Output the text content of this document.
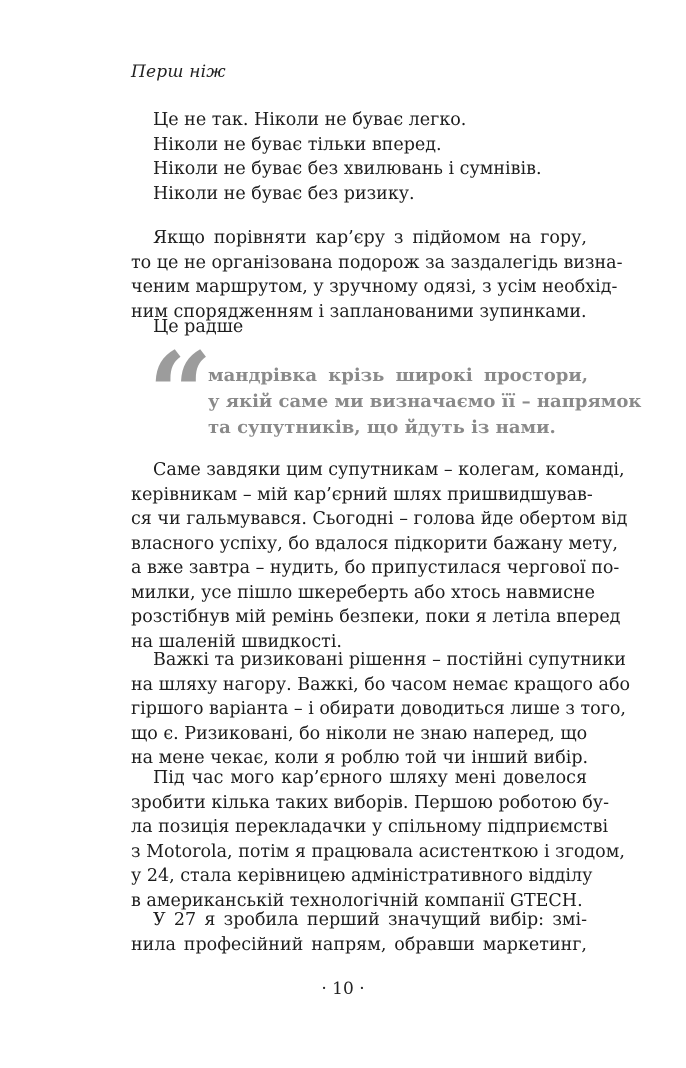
Перш ніж
Це не так. Ніколи не буває легко.
Ніколи не буває тільки вперед.
Ніколи не буває без хвилювань і сумнівів.
Ніколи не буває без ризику.
Якщо порівняти кар’єру з підйомом на гору,
то це не організована подорож за заздалегідь визна-
ченим маршрутом, у зручному одязі, з усім необхід-
ним спорядженням і запланованими зупинками.
Це радше
“
мандрівка крізь широкі простори,
у якій саме ми визначаємо її – напрямок
та супутників, що йдуть із нами.
Саме завдяки цим супутникам – колегам, команді,
керівникам – мій кар’єрний шлях пришвидшував-
ся чи гальмувався. Сьогодні – голова йде обертом від
власного успіху, бо вдалося підкорити бажану мету,
а вже завтра – нудить, бо припустилася чергової по-
милки, усе пішло шкереберть або хтось навмисне
розстібнув мій ремінь безпеки, поки я летіла вперед
на шаленій швидкості.
Важкі та ризиковані рішення – постійні супутники
на шляху нагору. Важкі, бо часом немає кращого або
гіршого варіанта – і обирати доводиться лише з того,
що є. Ризиковані, бо ніколи не знаю наперед, що
на мене чекає, коли я роблю той чи інший вибір.
Під час мого кар’єрного шляху мені довелося
зробити кілька таких виборів. Першою роботою бу-
ла позиція перекладачки у спільному підприємстві
з Motorola, потім я працювала асистенткою і згодом,
у 24, стала керівницею адміністративного відділу
в американській технологічній компанії GTECH.
У 27 я зробила перший значущий вибір: змі-
нила професійний напрям, обравши маркетинг,
· 10 ·
